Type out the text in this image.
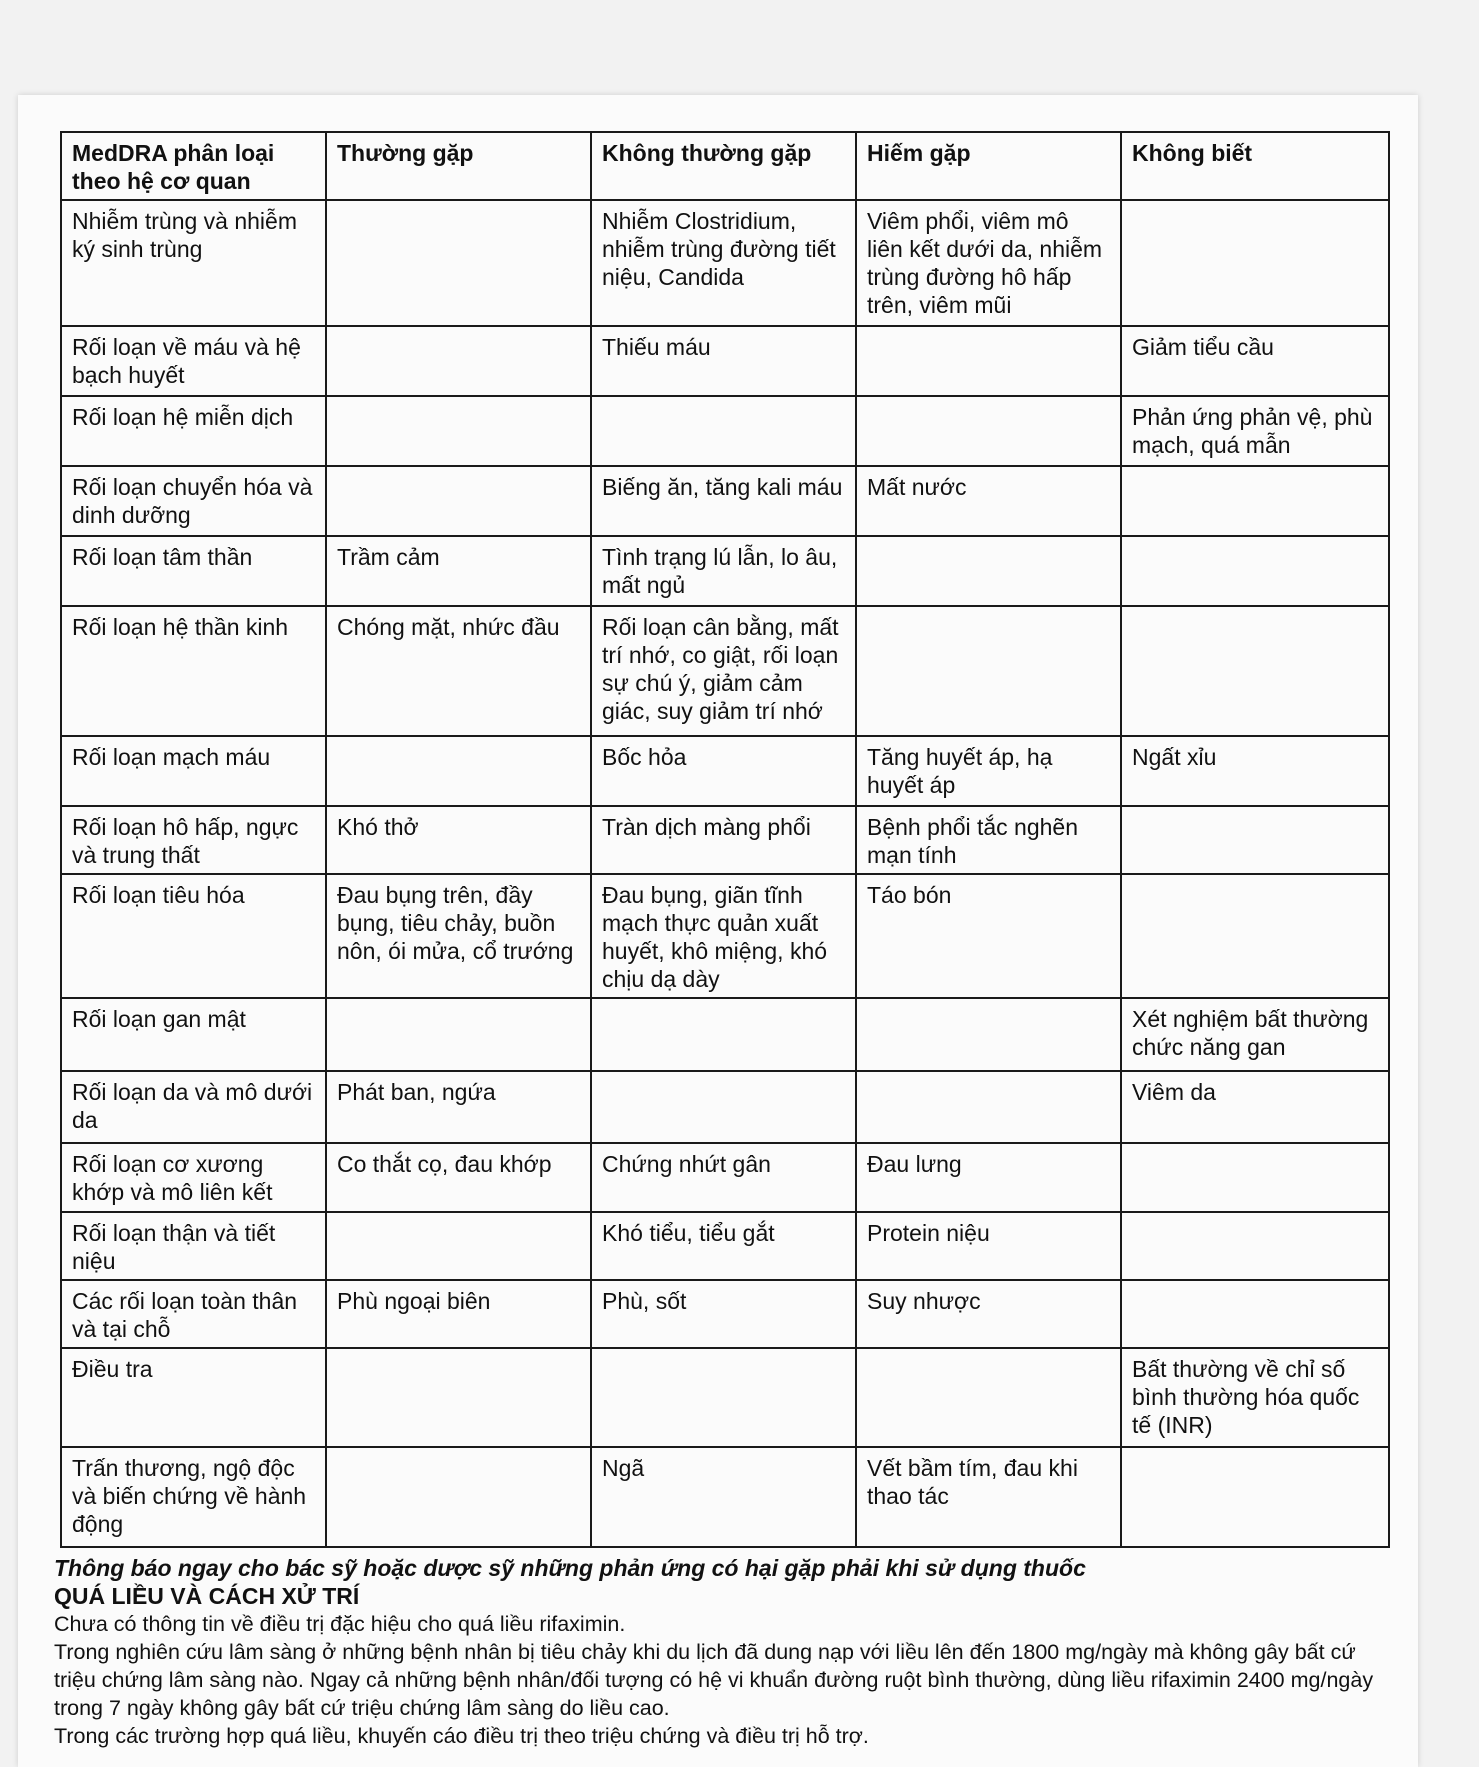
MedDRA phân loại theo hệ cơ quan	Thường gặp	Không thường gặp	Hiếm gặp	Không biết
Nhiễm trùng và nhiễm ký sinh trùng		Nhiễm Clostridium, nhiễm trùng đường tiết niệu, Candida	Viêm phổi, viêm mô liên kết dưới da, nhiễm trùng đường hô hấp trên, viêm mũi	
Rối loạn về máu và hệ bạch huyết		Thiếu máu		Giảm tiểu cầu
Rối loạn hệ miễn dịch				Phản ứng phản vệ, phù mạch, quá mẫn
Rối loạn chuyển hóa và dinh dưỡng		Biếng ăn, tăng kali máu	Mất nước	
Rối loạn tâm thần	Trầm cảm	Tình trạng lú lẫn, lo âu, mất ngủ		
Rối loạn hệ thần kinh	Chóng mặt, nhức đầu	Rối loạn cân bằng, mất trí nhớ, co giật, rối loạn sự chú ý, giảm cảm giác, suy giảm trí nhớ		
Rối loạn mạch máu		Bốc hỏa	Tăng huyết áp, hạ huyết áp	Ngất xỉu
Rối loạn hô hấp, ngực và trung thất	Khó thở	Tràn dịch màng phổi	Bệnh phổi tắc nghẽn mạn tính	
Rối loạn tiêu hóa	Đau bụng trên, đầy bụng, tiêu chảy, buồn nôn, ói mửa, cổ trướng	Đau bụng, giãn tĩnh mạch thực quản xuất huyết, khô miệng, khó chịu dạ dày	Táo bón	
Rối loạn gan mật				Xét nghiệm bất thường chức năng gan
Rối loạn da và mô dưới da	Phát ban, ngứa			Viêm da
Rối loạn cơ xương khớp và mô liên kết	Co thắt cọ, đau khớp	Chứng nhứt gân	Đau lưng	
Rối loạn thận và tiết niệu		Khó tiểu, tiểu gắt	Protein niệu	
Các rối loạn toàn thân và tại chỗ	Phù ngoại biên	Phù, sốt	Suy nhược	
Điều tra				Bất thường về chỉ số bình thường hóa quốc tế (INR)
Trấn thương, ngộ độc và biến chứng về hành động		Ngã	Vết bầm tím, đau khi thao tác	

Thông báo ngay cho bác sỹ hoặc dược sỹ những phản ứng có hại gặp phải khi sử dụng thuốc

QUÁ LIỀU VÀ CÁCH XỬ TRÍ

Chưa có thông tin về điều trị đặc hiệu cho quá liều rifaximin.

Trong nghiên cứu lâm sàng ở những bệnh nhân bị tiêu chảy khi du lịch đã dung nạp với liều lên đến 1800 mg/ngày mà không gây bất cứ triệu chứng lâm sàng nào. Ngay cả những bệnh nhân/đối tượng có hệ vi khuẩn đường ruột bình thường, dùng liều rifaximin 2400 mg/ngày trong 7 ngày không gây bất cứ triệu chứng lâm sàng do liều cao.

Trong các trường hợp quá liều, khuyến cáo điều trị theo triệu chứng và điều trị hỗ trợ.
